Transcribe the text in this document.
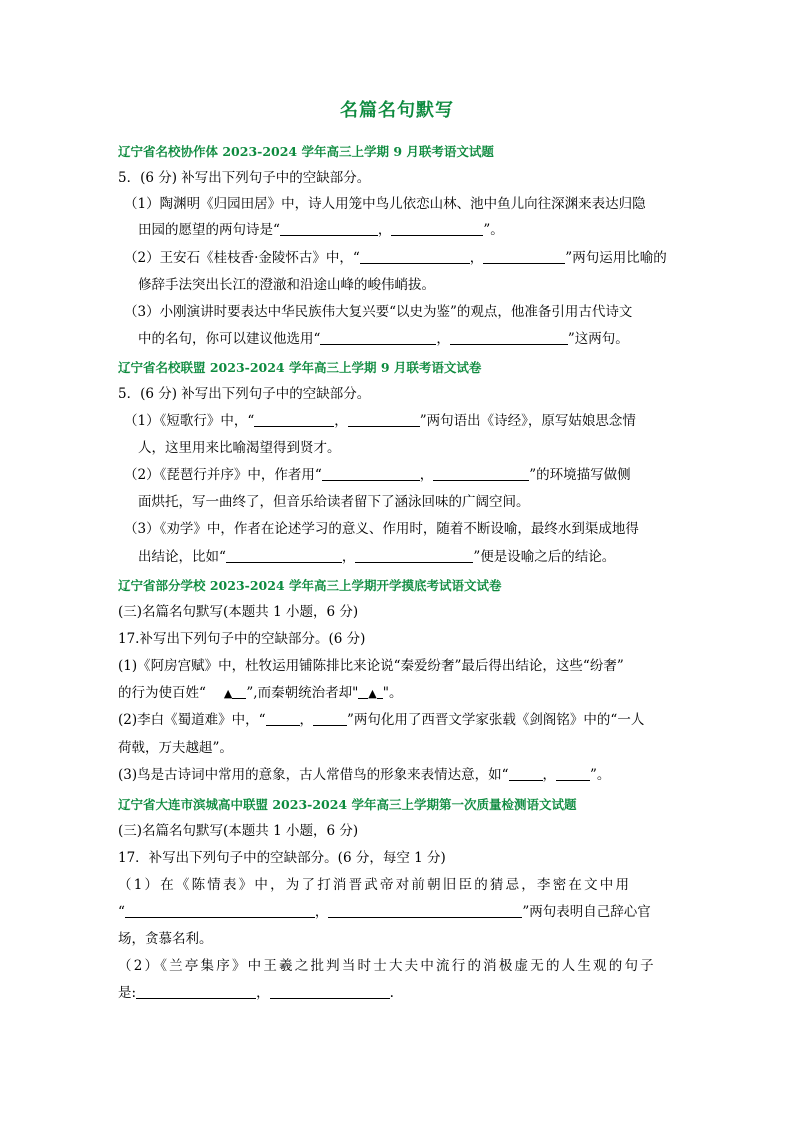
名篇名句默写
辽宁省名校协作体 2023-2024 学年高三上学期 9 月联考语文试题
5．(6 分) 补写出下列句子中的空缺部分。
（1）陶渊明《归园田居》中，诗人用笼中鸟儿依恋山林、池中鱼儿向往深渊来表达归隐
田园的愿望的两句诗是“	，	”。
（2）王安石《桂枝香·金陵怀古》中，“	，	”两句运用比喻的
修辞手法突出长江的澄澈和沿途山峰的峻伟峭拔。
（3）小刚演讲时要表达中华民族伟大复兴要“以史为鉴”的观点，他准备引用古代诗文
中的名句，你可以建议他选用“	，	”这两句。
辽宁省名校联盟 2023-2024 学年高三上学期 9 月联考语文试卷
5．(6 分) 补写出下列句子中的空缺部分。
（1）《短歌行》中，“	，	”两句语出《诗经》，原写姑娘思念情
人，这里用来比喻渴望得到贤才。
（2）《琵琶行并序》中，作者用“	，	”的环境描写做侧
面烘托，写一曲终了，但音乐给读者留下了涵泳回味的广阔空间。
（3）《劝学》中，作者在论述学习的意义、作用时，随着不断设喻，最终水到渠成地得
出结论，比如“	，	”便是设喻之后的结论。
辽宁省部分学校 2023-2024 学年高三上学期开学摸底考试语文试卷
(三)名篇名句默写(本题共 1 小题，6 分)
17.补写出下列句子中的空缺部分。(6 分)
(1)《阿房宫赋》中，杜牧运用铺陈排比来论说“秦爱纷奢”最后得出结论，这些“纷奢”
的行为使百姓“ ▲ ”,而秦朝统治者却" ▲ "。
(2)李白《蜀道难》中，“	，	”两句化用了西晋文学家张载《剑阁铭》中的“一人
荷戟，万夫越趄”。
(3)鸟是古诗词中常用的意象，古人常借鸟的形象来表情达意，如“	，	”。
辽宁省大连市滨城高中联盟 2023-2024 学年高三上学期第一次质量检测语文试题
(三)名篇名句默写(本题共 1 小题，6 分)
17．补写出下列句子中的空缺部分。(6 分，每空 1 分)
（1）在《陈情表》中，为了打消晋武帝对前朝旧臣的猜忌，李密在文中用
“	，	”两句表明自己辞心官
场，贪慕名利。
（2）《兰亭集序》中王羲之批判当时士大夫中流行的消极虚无的人生观的句子
是:	，	.
